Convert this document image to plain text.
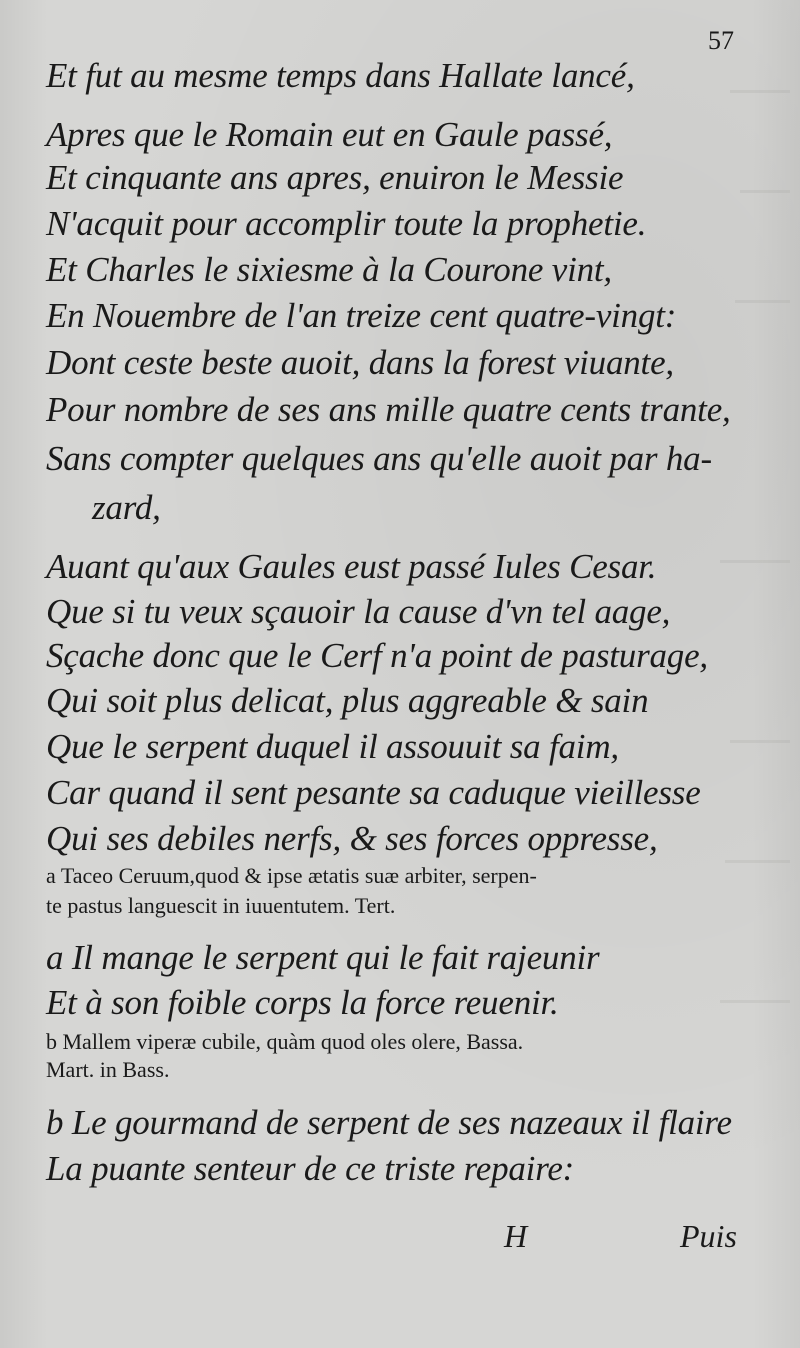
57
Et fut au mesme temps dans Hallate lancé,
Apres que le Romain eut en Gaule passé,
Et cinquante ans apres, enuiron le Messie
N'acquit pour accomplir toute la prophetie.
Et Charles le sixiesme à la Courone vint,
En Nouembre de l'an treize cent quatre-vingt:
Dont ceste beste auoit, dans la forest viuante,
Pour nombre de ses ans mille quatre cents trante,
Sans compter quelques ans qu'elle auoit par ha-
zard,
Auant qu'aux Gaules eust passé Iules Cesar.
Que si tu veux sçauoir la cause d'vn tel aage,
Sçache donc que le Cerf n'a point de pasturage,
Qui soit plus delicat, plus aggreable & sain
Que le serpent duquel il assouuit sa faim,
Car quand il sent pesante sa caduque vieillesse
Qui ses debiles nerfs, & ses forces oppresse,
a Taceo Ceruum,quod & ipse ætatis suæ arbiter, serpen-
te pastus languescit in iuuentutem. Tert.
a Il mange le serpent qui le fait rajeunir
Et à son foible corps la force reuenir.
b Mallem viperæ cubile, quàm quod oles olere, Bassa.
Mart. in Bass.
b Le gourmand de serpent de ses nazeaux il flaire
La puante senteur de ce triste repaire:
H	Puis
